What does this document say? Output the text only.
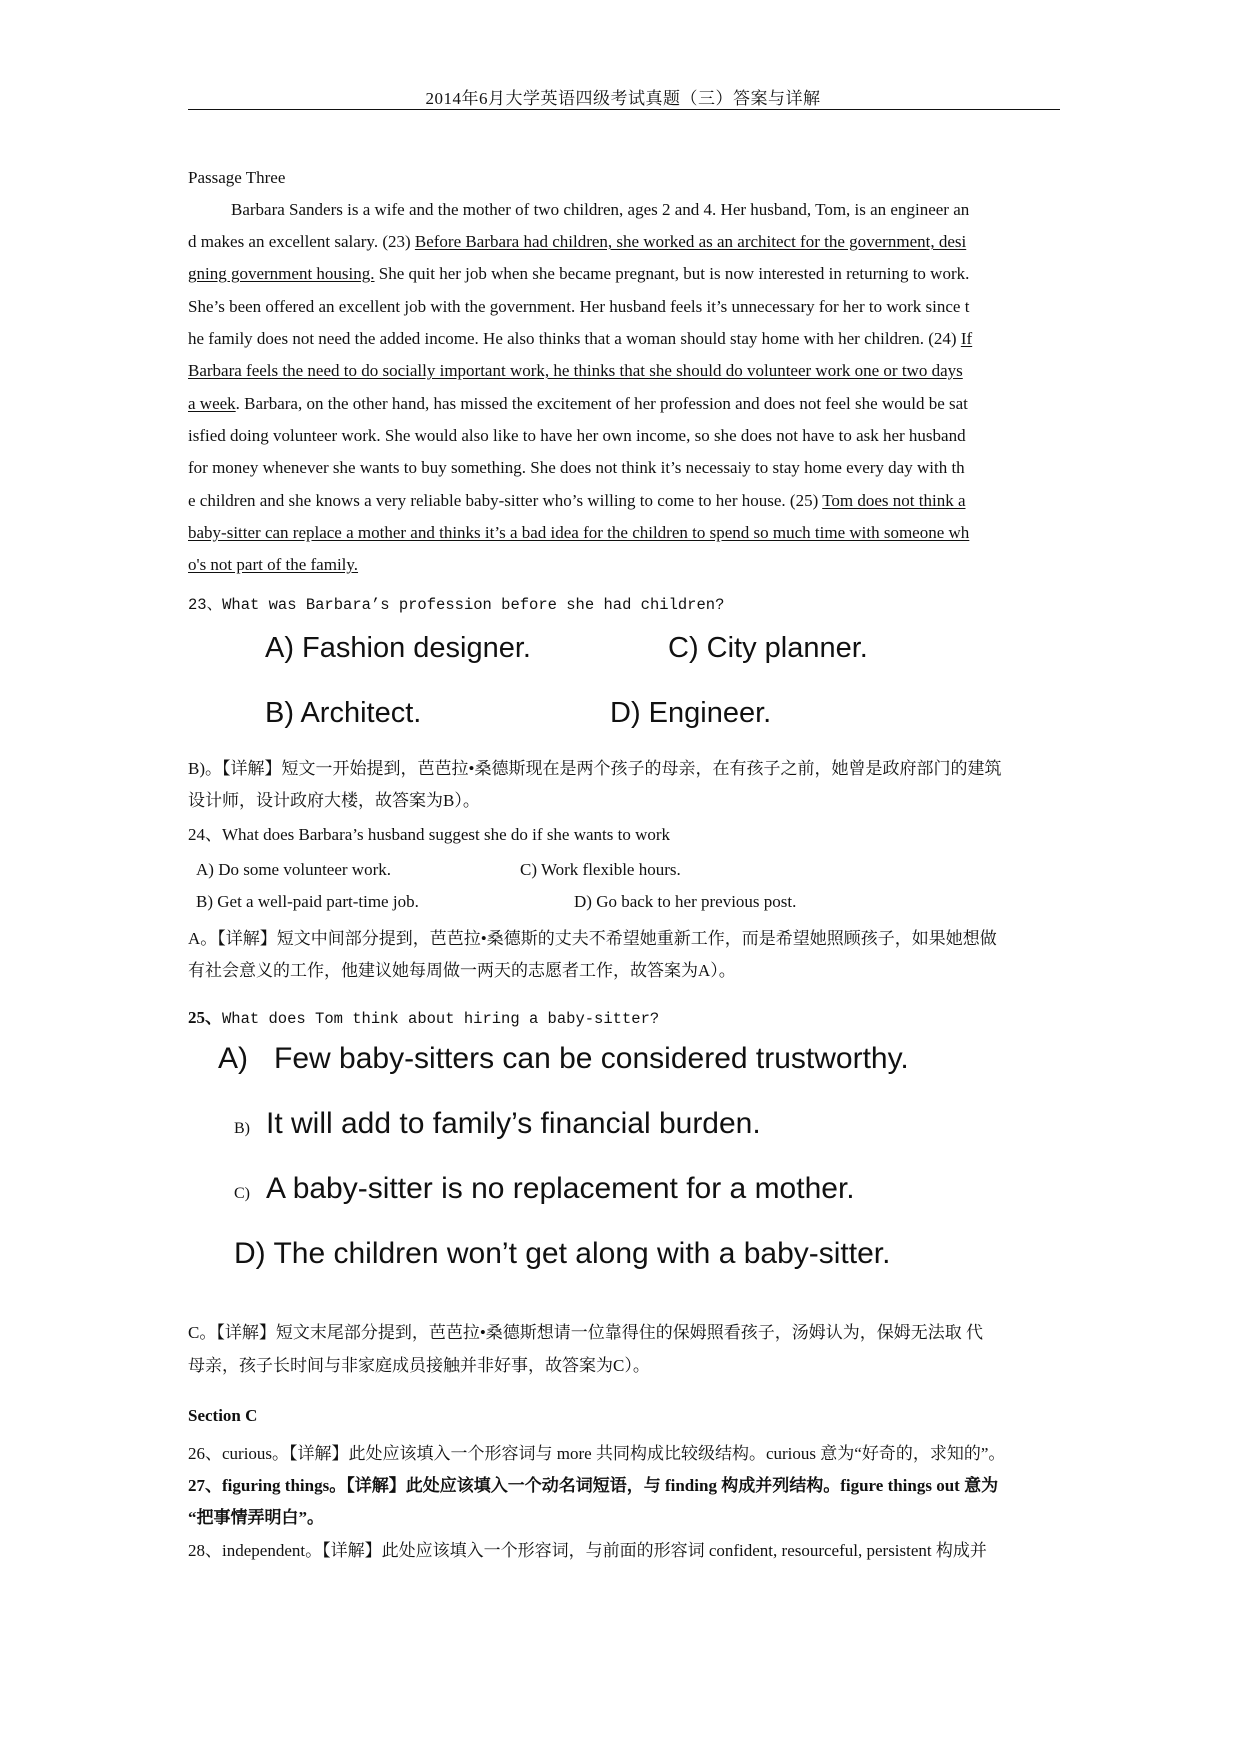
2014年6月大学英语四级考试真题（三）答案与详解
Passage Three
Barbara Sanders is a wife and the mother of two children, ages 2 and 4. Her husband, Tom, is an engineer an
d makes an excellent salary. (23) Before Barbara had children, she worked as an architect for the government, desi
gning government housing. She quit her job when she became pregnant, but is now interested in returning to work.
She’s been offered an excellent job with the government. Her husband feels it’s unnecessary for her to work since t
he family does not need the added income. He also thinks that a woman should stay home with her children. (24) If
Barbara feels the need to do socially important work, he thinks that she should do volunteer work one or two days
a week. Barbara, on the other hand, has missed the excitement of her profession and does not feel she would be sat
isfied doing volunteer work. She would also like to have her own income, so she does not have to ask her husband
for money whenever she wants to buy something. She does not think it’s necessaiy to stay home every day with th
e children and she knows a very reliable baby-sitter who’s willing to come to her house. (25) Tom does not think a
baby-sitter can replace a mother and thinks it’s a bad idea for the children to spend so much time with someone wh
o's not part of the family.
23、What was Barbara’s profession before she had children?
A) Fashion designer.	C) City planner.
B) Architect.	D) Engineer.
B)。【详解】短文一开始提到，芭芭拉•桑德斯现在是两个孩子的母亲，在有孩子之前，她曾是政府部门的建筑
设计师，设计政府大楼，故答案为B）。
24、What does Barbara’s husband suggest she do if she wants to work
A) Do some volunteer work.	C) Work flexible hours.
B) Get a well-paid part-time job.	D) Go back to her previous post.
A。【详解】短文中间部分提到，芭芭拉•桑德斯的丈夫不希望她重新工作，而是希望她照顾孩子，如果她想做
有社会意义的工作，他建议她每周做一两天的志愿者工作，故答案为A）。
25、What does Tom think about hiring a baby-sitter?
A) Few baby-sitters can be considered trustworthy.
B) It will add to family’s financial burden.
C) A baby-sitter is no replacement for a mother.
D) The children won’t get along with a baby-sitter.
C。【详解】短文末尾部分提到，芭芭拉•桑德斯想请一位靠得住的保姆照看孩子，汤姆认为，保姆无法取 代
母亲，孩子长时间与非家庭成员接触并非好事，故答案为C）。
Section C
26、curious。【详解】此处应该填入一个形容词与 more 共同构成比较级结构。curious 意为“好奇的，求知的”。
27、figuring things。【详解】此处应该填入一个动名词短语，与 finding 构成并列结构。figure things out 意为
“把事情弄明白”。
28、independent。【详解】此处应该填入一个形容词，与前面的形容词 confident, resourceful, persistent 构成并
